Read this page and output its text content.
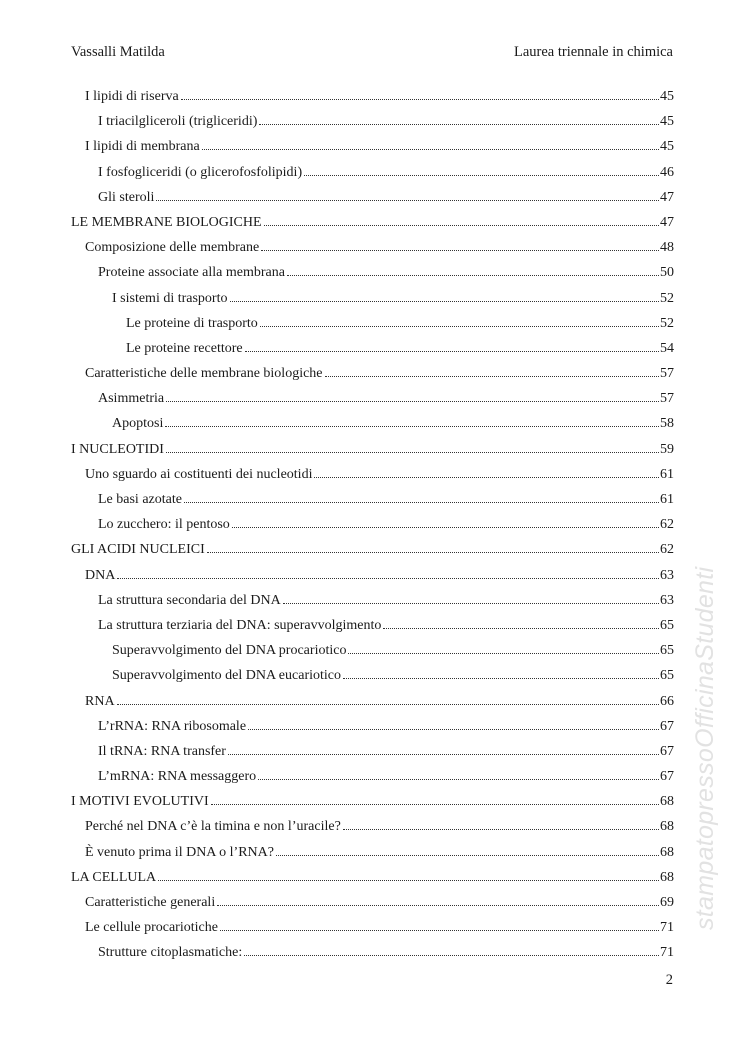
Vassalli Matilda	Laurea triennale in chimica
I lipidi di riserva	45
I triacilgliceroli (trigliceridi)	45
I lipidi di membrana	45
I fosfogliceridi (o glicerofosfolipidi)	46
Gli steroli	47
LE MEMBRANE BIOLOGICHE	47
Composizione delle membrane	48
Proteine associate alla membrana	50
I sistemi di trasporto	52
Le proteine di trasporto	52
Le proteine recettore	54
Caratteristiche delle membrane biologiche	57
Asimmetria	57
Apoptosi	58
I NUCLEOTIDI	59
Uno sguardo ai costituenti dei nucleotidi	61
Le basi azotate	61
Lo zucchero: il pentoso	62
GLI ACIDI NUCLEICI	62
DNA	63
La struttura secondaria del DNA	63
La struttura terziaria del DNA: superavvolgimento	65
Superavvolgimento del DNA procariotico	65
Superavvolgimento del DNA eucariotico	65
RNA	66
L’rRNA: RNA ribosomale	67
Il tRNA: RNA transfer	67
L’mRNA: RNA messaggero	67
I MOTIVI EVOLUTIVI	68
Perché nel DNA c’è la timina e non l’uracile?	68
È venuto prima il DNA o l’RNA?	68
LA CELLULA	68
Caratteristiche generali	69
Le cellule procariotiche	71
Strutture citoplasmatiche:	71
2
stampatopressoOfficinaStudenti
